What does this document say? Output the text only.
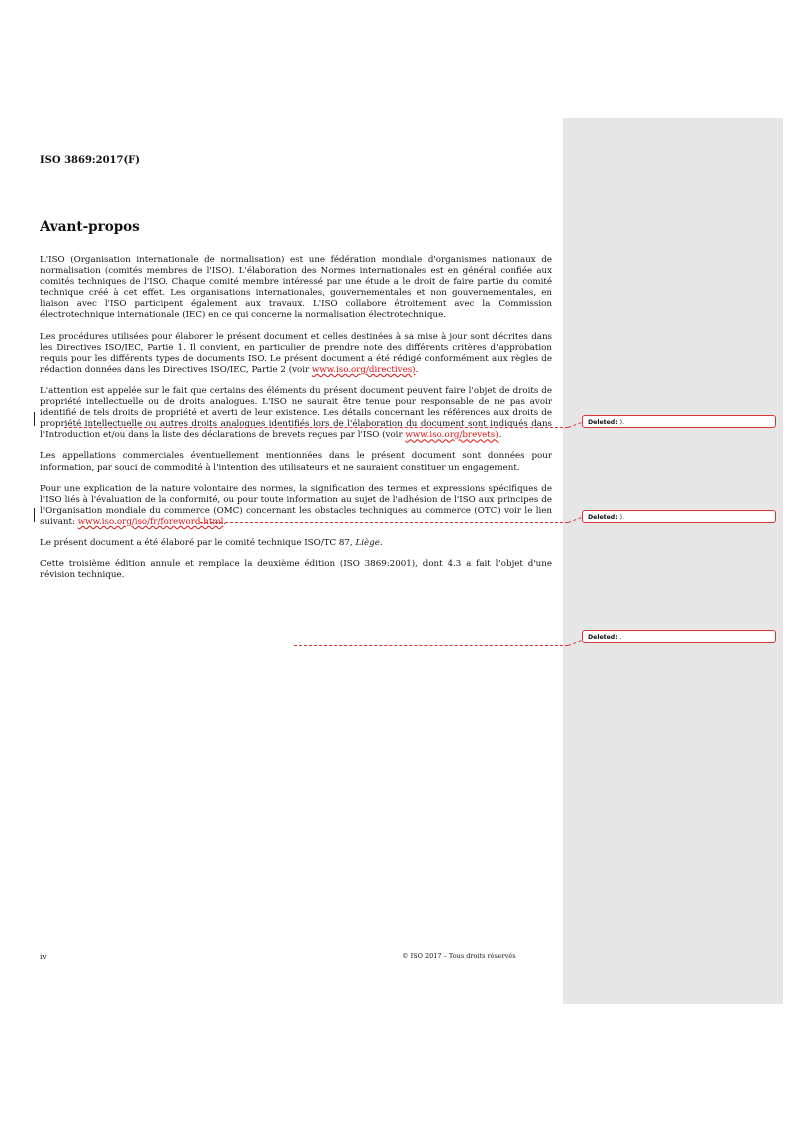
ISO 3869:2017(F)
Avant-propos

L'ISO (Organisation internationale de normalisation) est une fédération mondiale d'organismes nationaux de normalisation (comités membres de l'ISO). L'élaboration des Normes internationales est en général confiée aux comités techniques de l'ISO. Chaque comité membre intéressé par une étude a le droit de faire partie du comité technique créé à cet effet. Les organisations internationales, gouvernementales et non gouvernementales, en liaison avec l'ISO participent également aux travaux. L'ISO collabore étroitement avec la Commission électrotechnique internationale (IEC) en ce qui concerne la normalisation électrotechnique.

Les procédures utilisées pour élaborer le présent document et celles destinées à sa mise à jour sont décrites dans les Directives ISO/IEC, Partie 1. Il convient, en particulier de prendre note des différents critères d'approbation requis pour les différents types de documents ISO. Le présent document a été rédigé conformément aux règles de rédaction données dans les Directives ISO/IEC, Partie 2 (voir www.iso.org/directives).

L'attention est appelée sur le fait que certains des éléments du présent document peuvent faire l'objet de droits de propriété intellectuelle ou de droits analogues. L'ISO ne saurait être tenue pour responsable de ne pas avoir identifié de tels droits de propriété et averti de leur existence. Les détails concernant les références aux droits de propriété intellectuelle ou autres droits analogues identifiés lors de l'élaboration du document sont indiqués dans l'Introduction et/ou dans la liste des déclarations de brevets reçues par l'ISO (voir www.iso.org/brevets).

Les appellations commerciales éventuellement mentionnées dans le présent document sont données pour information, par souci de commodité à l'intention des utilisateurs et ne sauraient constituer un engagement.

Pour une explication de la nature volontaire des normes, la signification des termes et expressions spécifiques de l'ISO liés à l'évaluation de la conformité, ou pour toute information au sujet de l'adhésion de l'ISO aux principes de l'Organisation mondiale du commerce (OMC) concernant les obstacles techniques au commerce (OTC) voir le lien suivant: www.iso.org/iso/fr/foreword.html.

Le présent document a été élaboré par le comité technique ISO/TC 87, Liège.

Cette troisième édition annule et remplace la deuxième édition (ISO 3869:2001), dont 4.3 a fait l'objet d'une révision technique.

Deleted: ).
Deleted: ).
Deleted: .
iv	© ISO 2017 – Tous droits réservés
